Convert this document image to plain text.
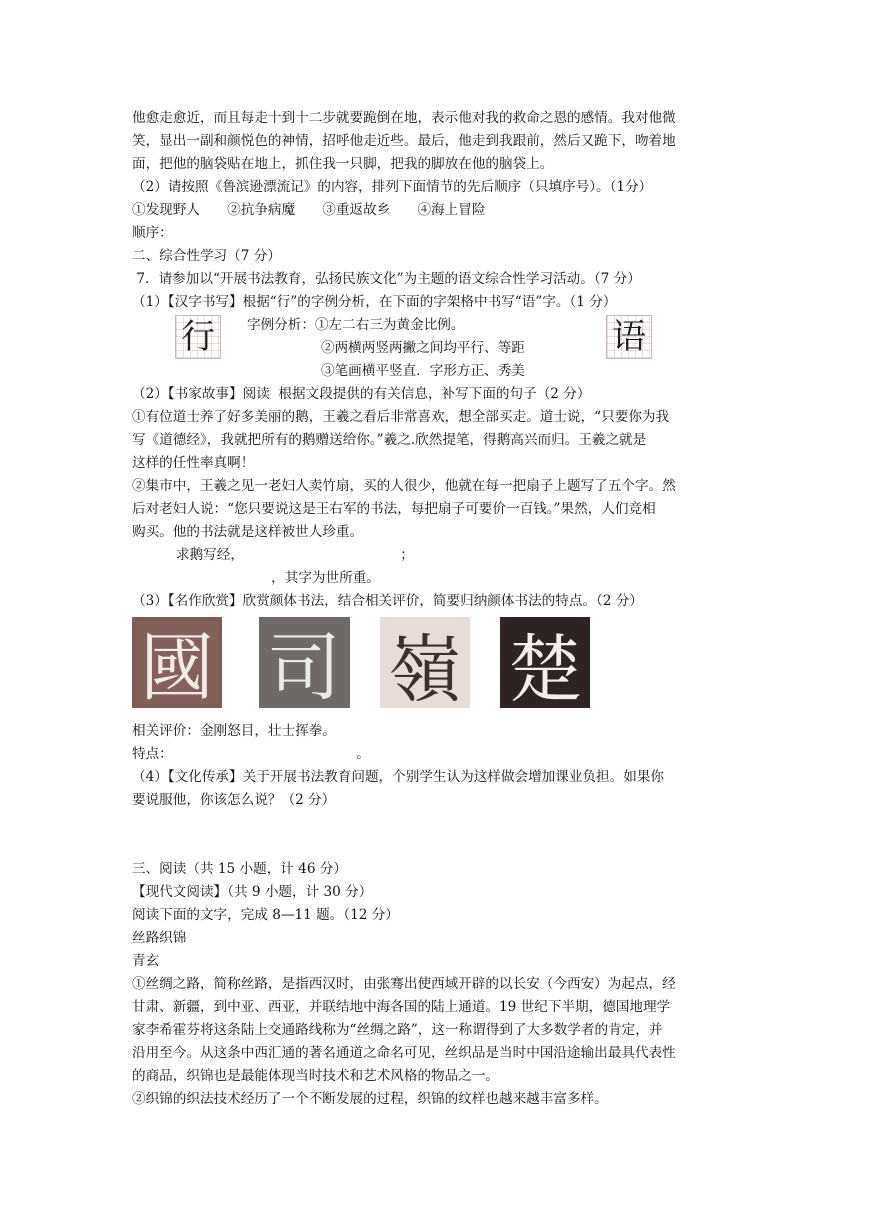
他愈走愈近，而且每走十到十二步就要跪倒在地，表示他对我的救命之恩的感情。我对他微
笑，显出一副和颜悦色的神情，招呼他走近些。最后，他走到我跟前，然后又跪下，吻着地
面，把他的脑袋贴在地上，抓住我一只脚，把我的脚放在他的脑袋上。
（2）请按照《鲁滨逊漂流记》的内容，排列下面情节的先后顺序（只填序号）。（1分）
①发现野人　　②抗争病魔　　③重返故乡　　④海上冒险
顺序：
二、综合性学习（7 分）
7．请参加以“开展书法教育，弘扬民族文化”为主题的语文综合性学习活动。（7 分）
（1）【汉字书写】根据“行”的字例分析，在下面的字架格中书写“语”字。（1 分）
行 字例分析：①左二右三为黄金比例。
②两横两竖两撇之间均平行、等距
③笔画横平竖直．字形方正、秀美
语
（2）【书家故事】阅读  根据文段提供的有关信息，补写下面的句子（2 分）
①有位道士养了好多美丽的鹅，王羲之看后非常喜欢，想全部买走。道士说，“只要你为我
写《道德经》，我就把所有的鹅赠送给你。”羲之.欣然提笔，得鹅高兴而归。王羲之就是
这样的任性率真啊！
②集市中，王羲之见一老妇人卖竹扇，买的人很少，他就在每一把扇子上题写了五个字。然
后对老妇人说：“您只要说这是王右军的书法，每把扇子可要价一百钱。”果然，人们竞相
购买。他的书法就是这样被世人珍重。
求鹅写经，　　　　　　　　　　　　；
　　　　　　　，其字为世所重。
（3）【名作欣赏】欣赏颜体书法，结合相关评价，简要归纳颜体书法的特点。（2 分）
國 司 嶺 楚
相关评价：金刚怒目，壮士挥拳。
特点：　　　　　　　　　　　　　　。
（4）【文化传承】关于开展书法教育问题，个别学生认为这样做会增加课业负担。如果你
要说服他，你该怎么说？（2 分）
三、阅读（共 15 小题，计 46 分）
【现代文阅读】（共 9 小题，计 30 分）
阅读下面的文字，完成 8—11 题。（12 分）
丝路织锦
青玄
①丝绸之路，简称丝路，是指西汉时，由张骞出使西域开辟的以长安（今西安）为起点，经
甘肃、新疆，到中亚、西亚，并联结地中海各国的陆上通道。19 世纪下半期，德国地理学
家李希霍芬将这条陆上交通路线称为“丝绸之路”，这一称谓得到了大多数学者的肯定，并
沿用至今。从这条中西汇通的著名通道之命名可见，丝织品是当时中国沿途输出最具代表性
的商品，织锦也是最能体现当时技术和艺术风格的物品之一。
②织锦的织法技术经历了一个不断发展的过程，织锦的纹样也越来越丰富多样。
